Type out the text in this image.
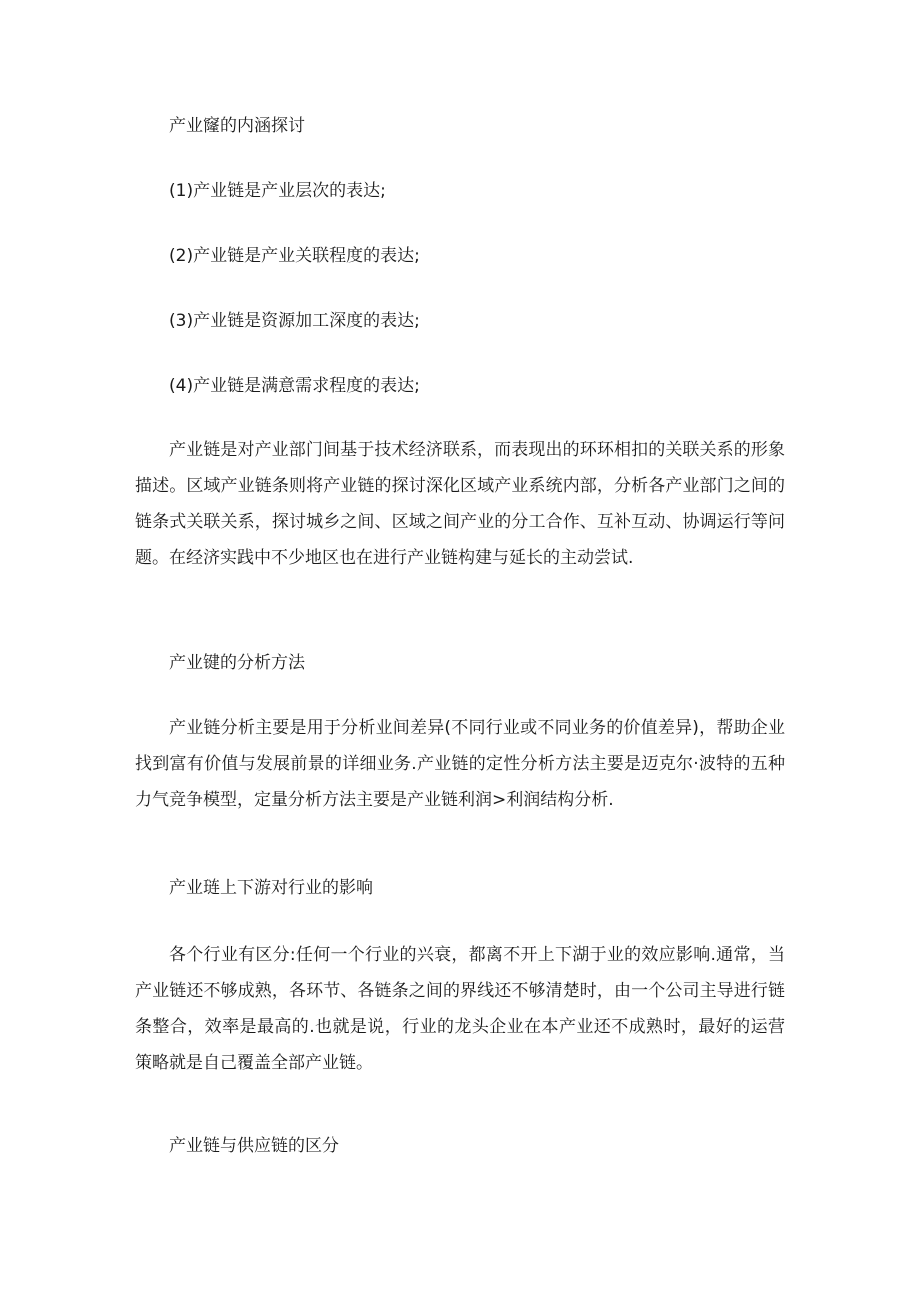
产业窿的内涵探讨

(1)产业链是产业层次的表达;

(2)产业链是产业关联程度的表达;

(3)产业链是资源加工深度的表达;

(4)产业链是满意需求程度的表达;

产业链是对产业部门间基于技术经济联系，而表现出的环环相扣的关联关系的形象描述。区域产业链条则将产业链的探讨深化区域产业系统内部，分析各产业部门之间的链条式关联关系，探讨城乡之间、区域之间产业的分工合作、互补互动、协调运行等问题。在经济实践中不少地区也在进行产业链构建与延长的主动尝试.

产业键的分析方法

产业链分析主要是用于分析业间差异(不同行业或不同业务的价值差异)，帮助企业找到富有价值与发展前景的详细业务.产业链的定性分析方法主要是迈克尔·波特的五种力气竞争模型，定量分析方法主要是产业链利润>利润结构分析.

产业琏上下游对行业的影响

各个行业有区分:任何一个行业的兴衰，都离不开上下湖于业的效应影响.通常，当产业链还不够成熟，各环节、各链条之间的界线还不够清楚时，由一个公司主导进行链条整合，效率是最高的.也就是说，行业的龙头企业在本产业还不成熟时，最好的运营策略就是自己覆盖全部产业链。

产业链与供应链的区分
